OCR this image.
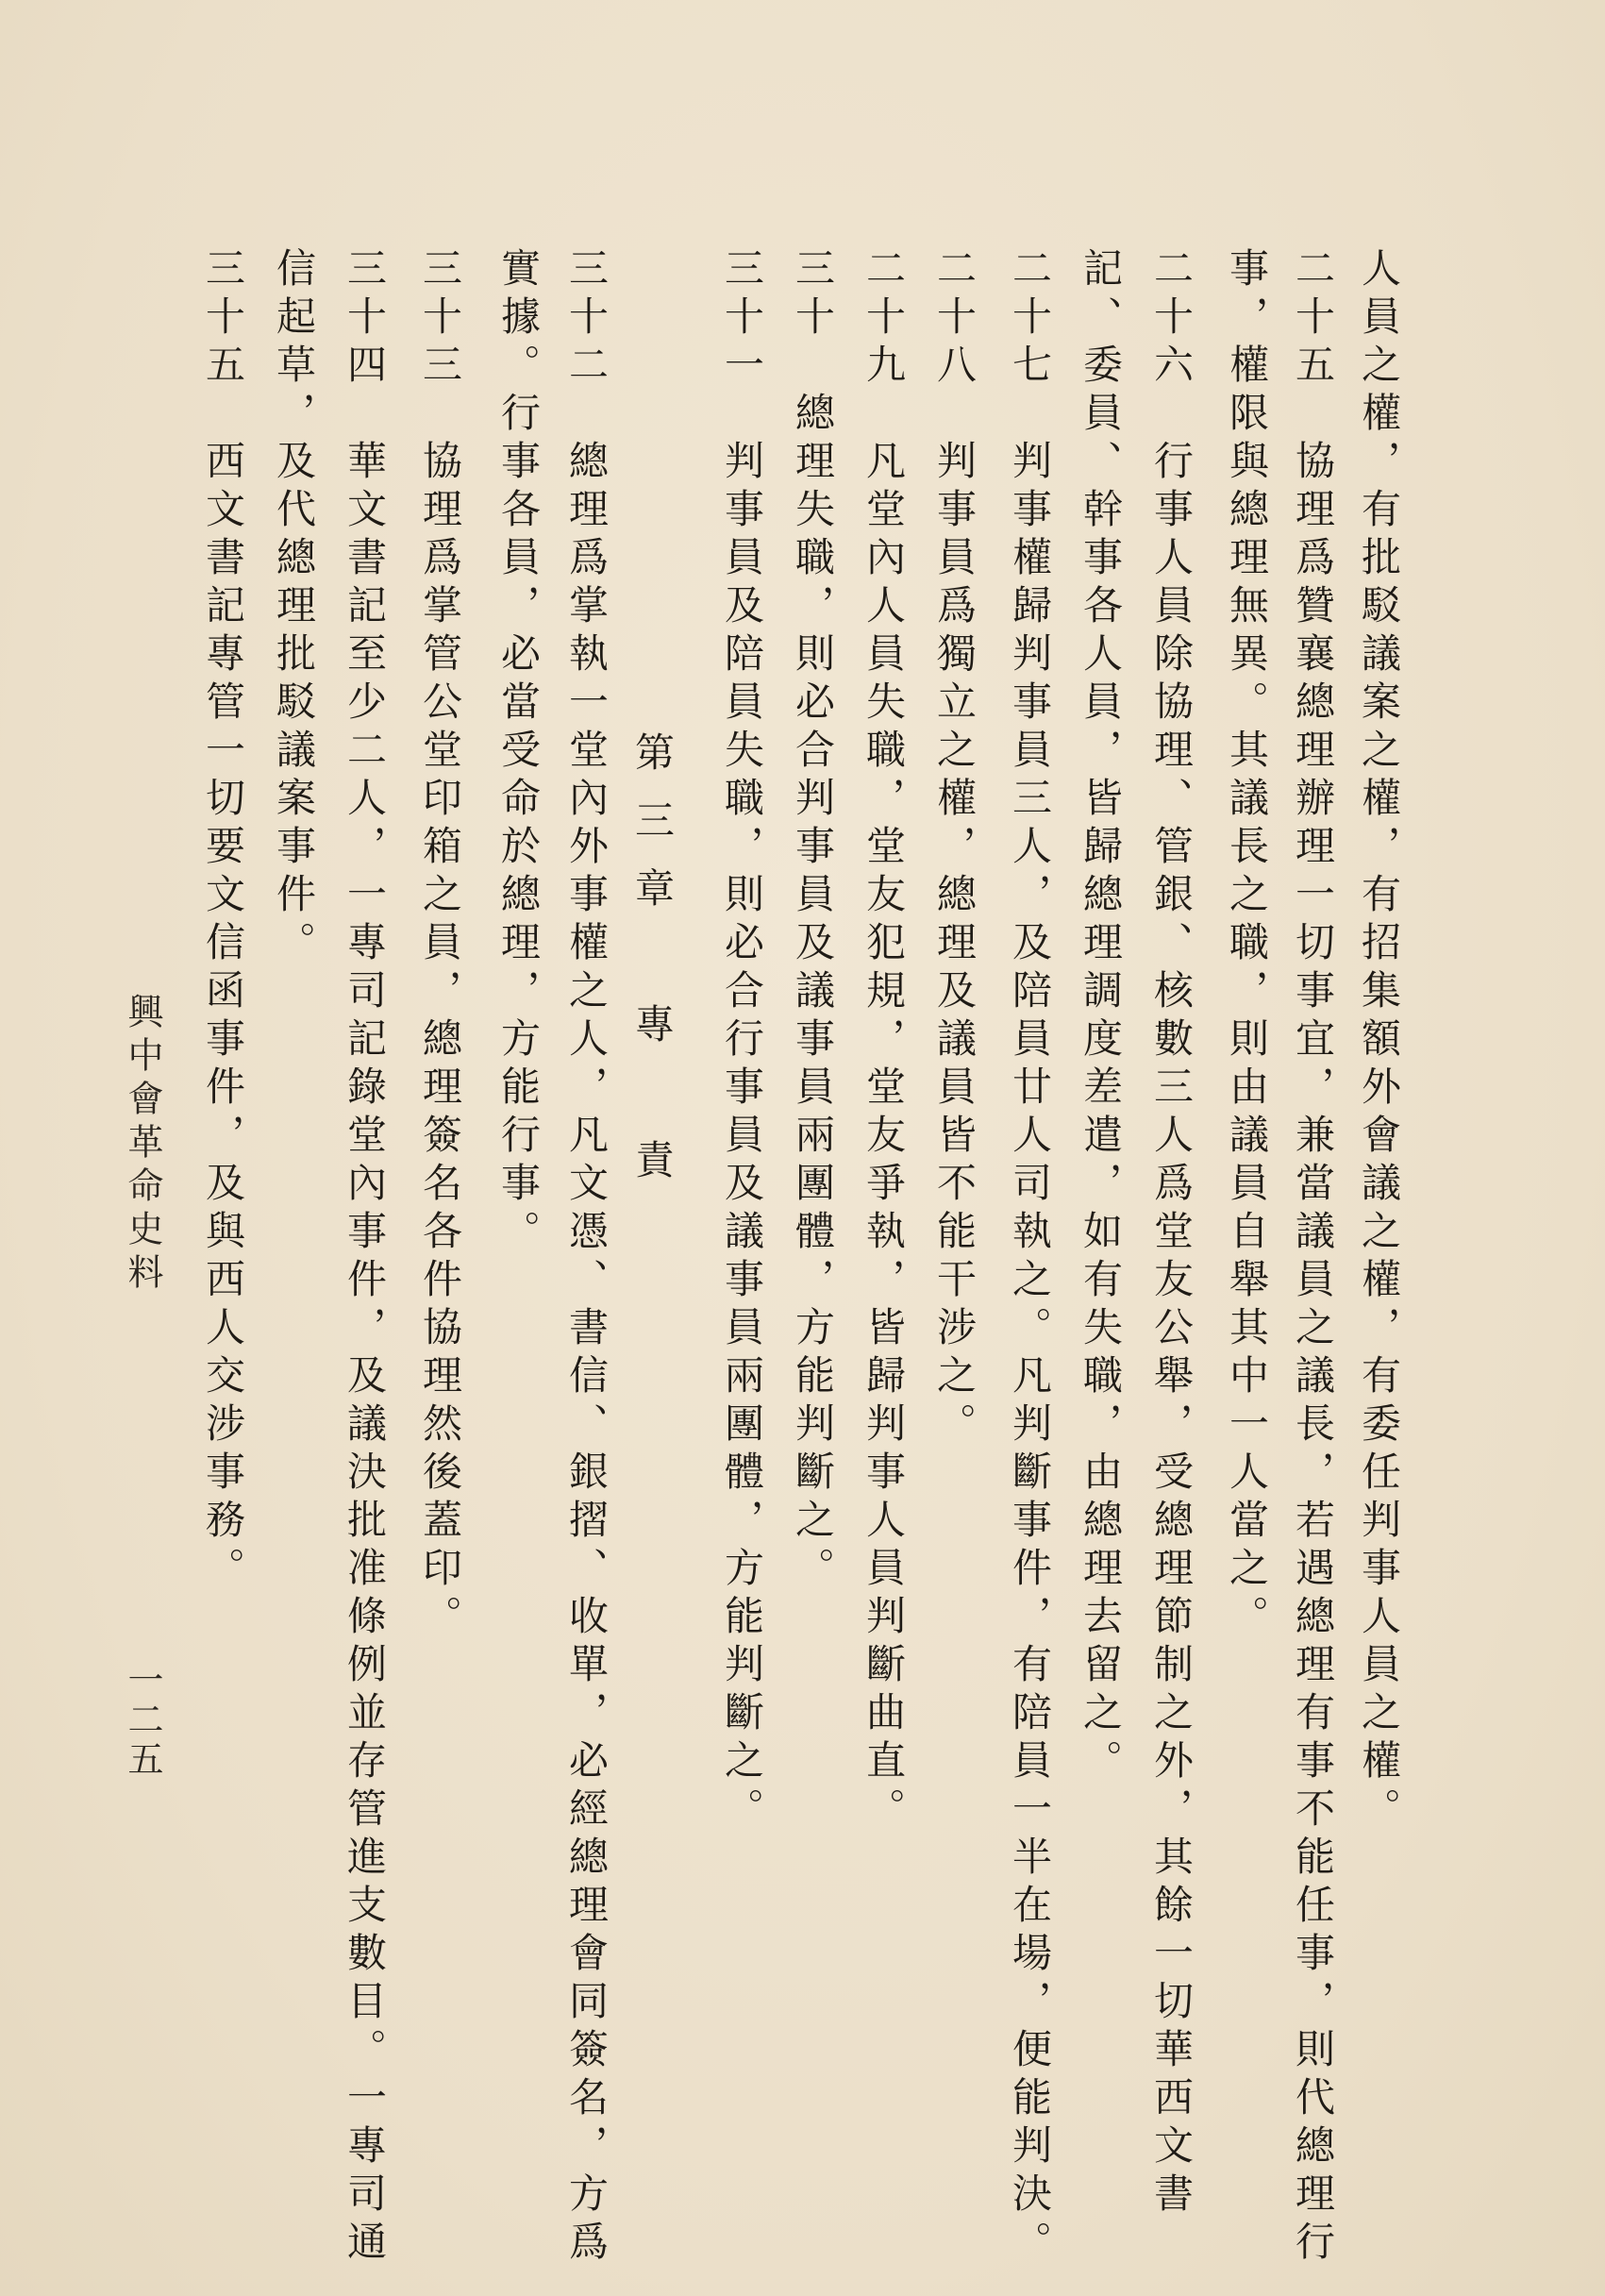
人員之權，有批駁議案之權，有招集額外會議之權，有委任判事人員之權。
二十五　協理爲贊襄總理辦理一切事宜，兼當議員之議長，若遇總理有事不能任事，則代總理行
事，權限與總理無異。其議長之職，則由議員自舉其中一人當之。
二十六　行事人員除協理、管銀、核數三人爲堂友公舉，受總理節制之外，其餘一切華西文書
記、委員、幹事各人員，皆歸總理調度差遣，如有失職，由總理去留之。
二十七　判事權歸判事員三人，及陪員廿人司執之。凡判斷事件，有陪員一半在場，便能判決。
二十八　判事員爲獨立之權，總理及議員皆不能干涉之。
二十九　凡堂內人員失職，堂友犯規，堂友爭執，皆歸判事人員判斷曲直。
三十　總理失職，則必合判事員及議事員兩團體，方能判斷之。
三十一　判事員及陪員失職，則必合行事員及議事員兩團體，方能判斷之。
第三章　專　責
三十二　總理爲掌執一堂內外事權之人，凡文憑、書信、銀摺、收單，必經總理會同簽名，方爲
實據。行事各員，必當受命於總理，方能行事。
三十三　協理爲掌管公堂印箱之員，總理簽名各件協理然後蓋印。
三十四　華文書記至少二人，一專司記錄堂內事件，及議決批准條例並存管進支數目。一專司通
信起草，及代總理批駁議案事件。
三十五　西文書記專管一切要文信函事件，及與西人交涉事務。
興中會革命史料
一二五
